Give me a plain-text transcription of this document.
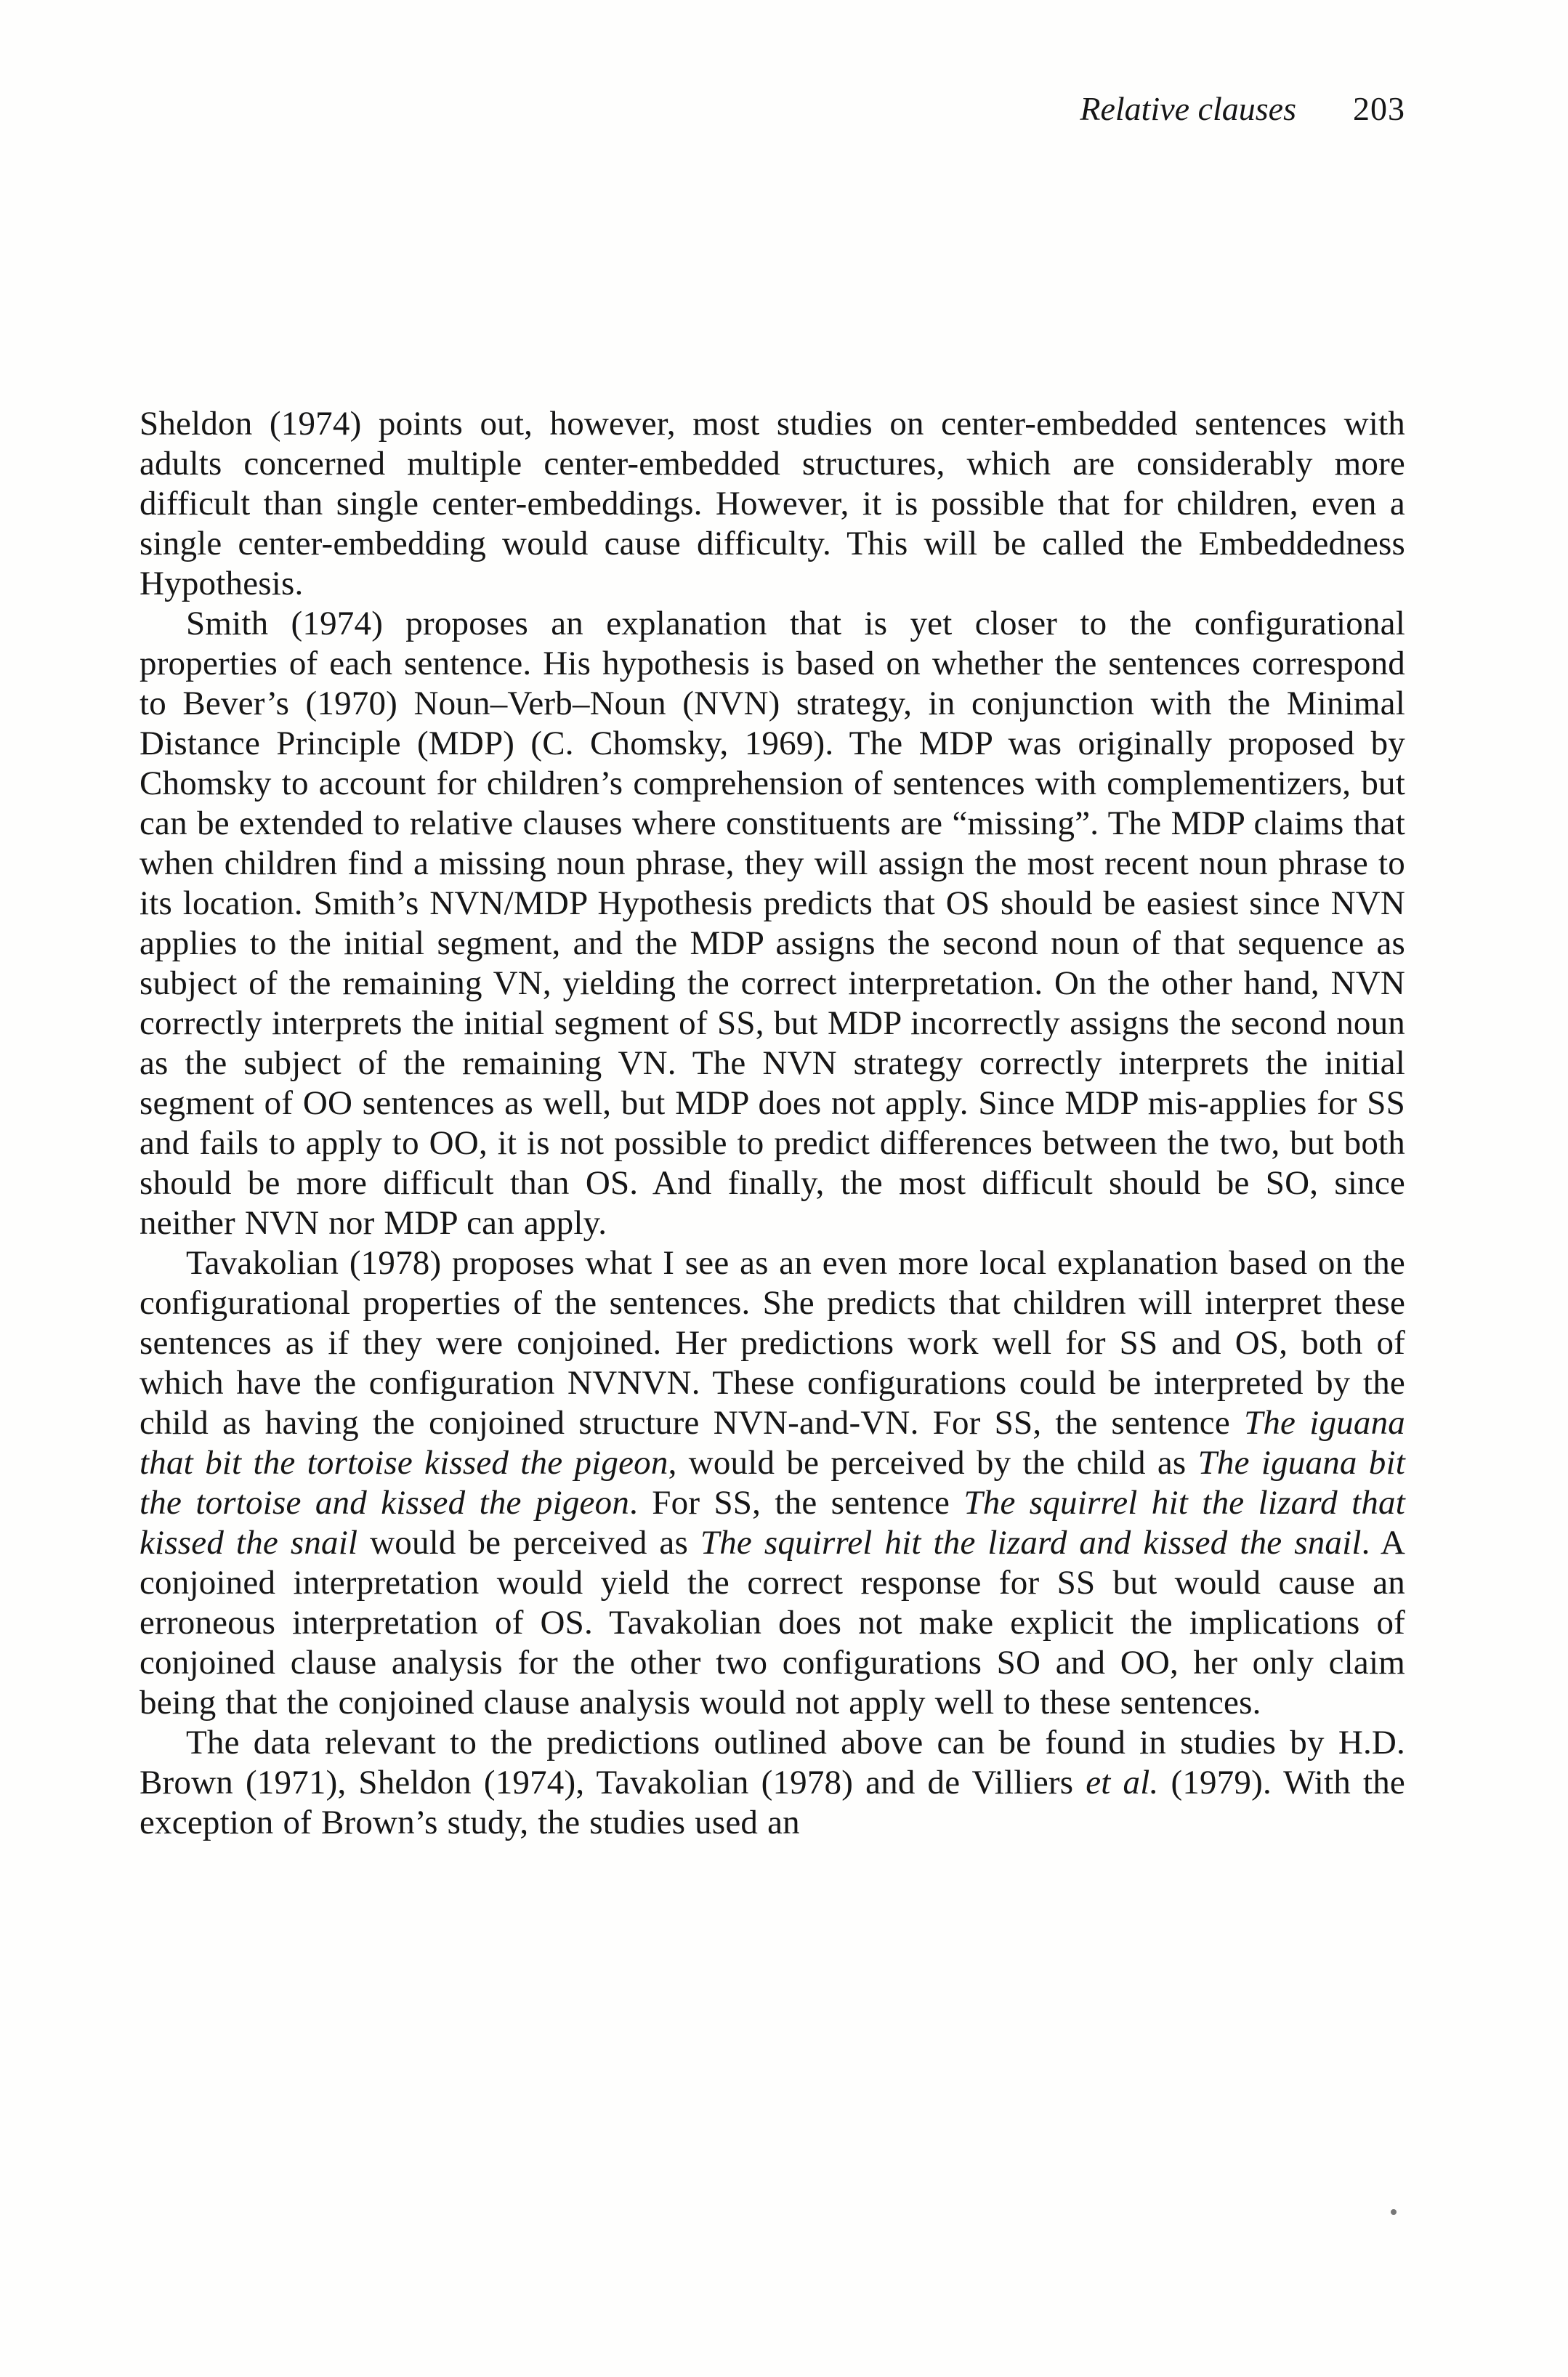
Relative clauses 203

Sheldon (1974) points out, however, most studies on center-embedded sentences with adults concerned multiple center-embedded structures, which are considerably more difficult than single center-embeddings. However, it is possible that for children, even a single center-embedding would cause difficulty. This will be called the Embeddedness Hypothesis.

Smith (1974) proposes an explanation that is yet closer to the configurational properties of each sentence. His hypothesis is based on whether the sentences correspond to Bever’s (1970) Noun–Verb–Noun (NVN) strategy, in conjunction with the Minimal Distance Principle (MDP) (C. Chomsky, 1969). The MDP was originally proposed by Chomsky to account for children’s comprehension of sentences with complementizers, but can be extended to relative clauses where constituents are “missing”. The MDP claims that when children find a missing noun phrase, they will assign the most recent noun phrase to its location. Smith’s NVN/MDP Hypothesis predicts that OS should be easiest since NVN applies to the initial segment, and the MDP assigns the second noun of that sequence as subject of the remaining VN, yielding the correct interpretation. On the other hand, NVN correctly interprets the initial segment of SS, but MDP incorrectly assigns the second noun as the subject of the remaining VN. The NVN strategy correctly interprets the initial segment of OO sentences as well, but MDP does not apply. Since MDP mis-applies for SS and fails to apply to OO, it is not possible to predict differences between the two, but both should be more difficult than OS. And finally, the most difficult should be SO, since neither NVN nor MDP can apply.

Tavakolian (1978) proposes what I see as an even more local explanation based on the configurational properties of the sentences. She predicts that children will interpret these sentences as if they were conjoined. Her predictions work well for SS and OS, both of which have the configuration NVNVN. These configurations could be interpreted by the child as having the conjoined structure NVN-and-VN. For SS, the sentence The iguana that bit the tortoise kissed the pigeon, would be perceived by the child as The iguana bit the tortoise and kissed the pigeon. For SS, the sentence The squirrel hit the lizard that kissed the snail would be perceived as The squirrel hit the lizard and kissed the snail. A conjoined interpretation would yield the correct response for SS but would cause an erroneous interpretation of OS. Tavakolian does not make explicit the implications of conjoined clause analysis for the other two configurations SO and OO, her only claim being that the conjoined clause analysis would not apply well to these sentences.

The data relevant to the predictions outlined above can be found in studies by H.D. Brown (1971), Sheldon (1974), Tavakolian (1978) and de Villiers et al. (1979). With the exception of Brown’s study, the studies used an
